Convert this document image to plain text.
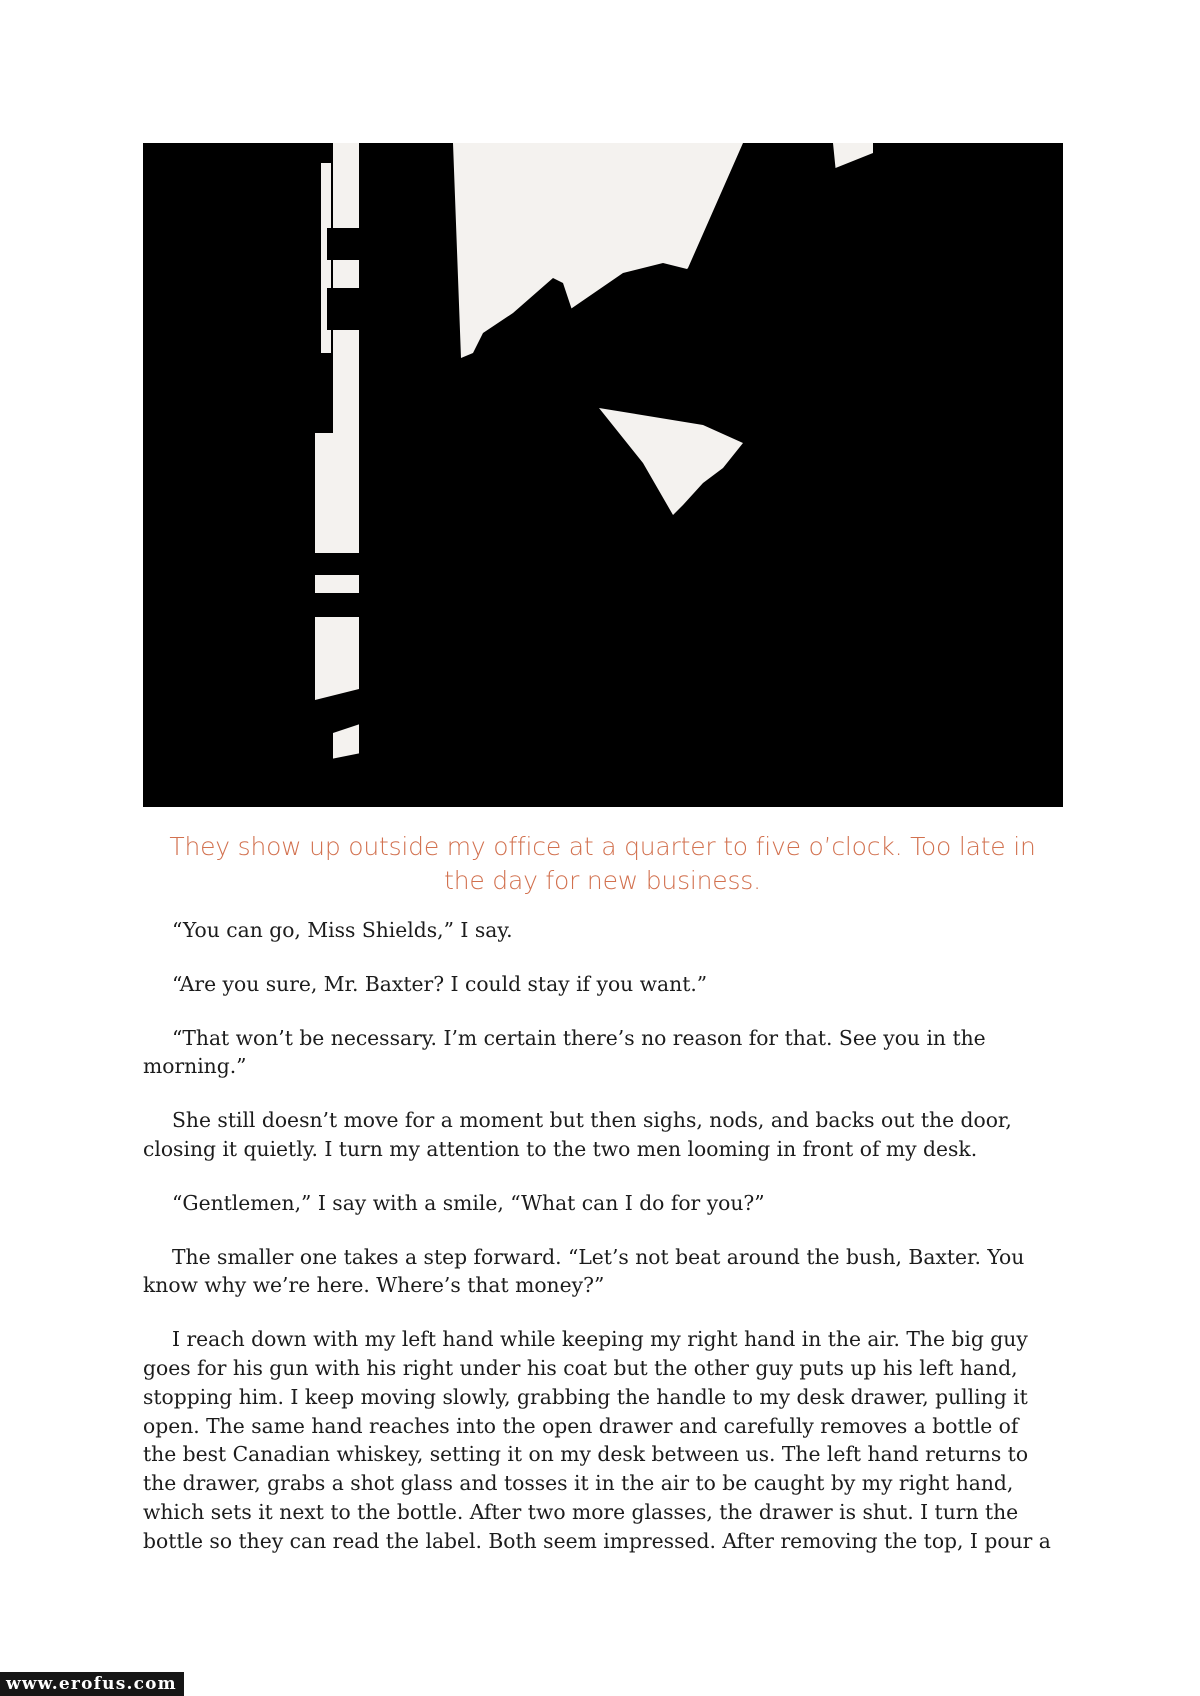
They show up outside my office at a quarter to five o’clock. Too late in the day for new business.

“You can go, Miss Shields,” I say.

“Are you sure, Mr. Baxter? I could stay if you want.”

“That won’t be necessary. I’m certain there’s no reason for that. See you in the morning.”

She still doesn’t move for a moment but then sighs, nods, and backs out the door, closing it quietly. I turn my attention to the two men looming in front of my desk.

“Gentlemen,” I say with a smile, “What can I do for you?”

The smaller one takes a step forward. “Let’s not beat around the bush, Baxter. You know why we’re here. Where’s that money?”

I reach down with my left hand while keeping my right hand in the air. The big guy goes for his gun with his right under his coat but the other guy puts up his left hand, stopping him. I keep moving slowly, grabbing the handle to my desk drawer, pulling it open. The same hand reaches into the open drawer and carefully removes a bottle of the best Canadian whiskey, setting it on my desk between us. The left hand returns to the drawer, grabs a shot glass and tosses it in the air to be caught by my right hand, which sets it next to the bottle. After two more glasses, the drawer is shut. I turn the bottle so they can read the label. Both seem impressed. After removing the top, I pour a

www.erofus.com
